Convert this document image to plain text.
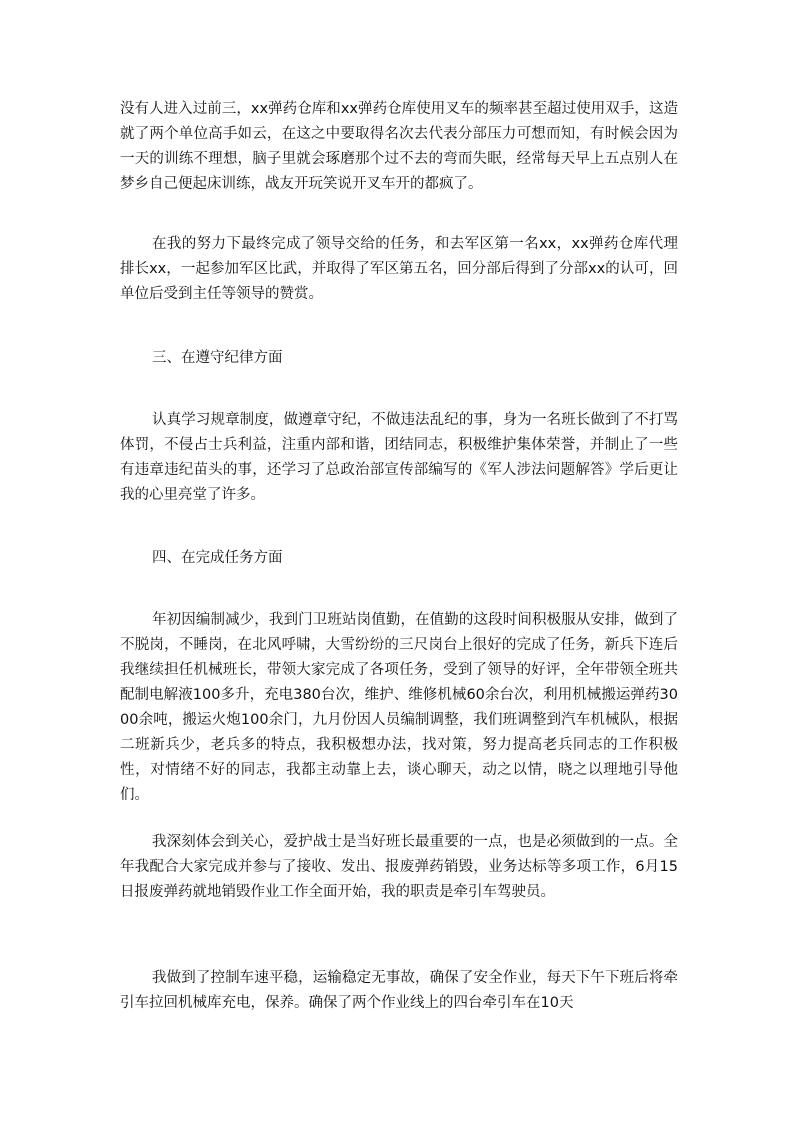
没有人进入过前三，xx弹药仓库和xx弹药仓库使用叉车的频率甚至超过使用双手，这造就了两个单位高手如云，在这之中要取得名次去代表分部压力可想而知，有时候会因为一天的训练不理想，脑子里就会琢磨那个过不去的弯而失眠，经常每天早上五点别人在梦乡自己便起床训练，战友开玩笑说开叉车开的都疯了。

在我的努力下最终完成了领导交给的任务，和去军区第一名xx，xx弹药仓库代理排长xx，一起参加军区比武，并取得了军区第五名，回分部后得到了分部xx的认可，回单位后受到主任等领导的赞赏。

三、在遵守纪律方面

认真学习规章制度，做遵章守纪，不做违法乱纪的事，身为一名班长做到了不打骂体罚，不侵占士兵利益，注重内部和谐，团结同志，积极维护集体荣誉，并制止了一些有违章违纪苗头的事，还学习了总政治部宣传部编写的《军人涉法问题解答》学后更让我的心里亮堂了许多。

四、在完成任务方面

年初因编制减少，我到门卫班站岗值勤，在值勤的这段时间积极服从安排，做到了不脱岗，不睡岗，在北风呼啸，大雪纷纷的三尺岗台上很好的完成了任务，新兵下连后我继续担任机械班长，带领大家完成了各项任务，受到了领导的好评，全年带领全班共配制电解液100多升，充电380台次，维护、维修机械60余台次，利用机械搬运弹药3000余吨，搬运火炮100余门，九月份因人员编制调整，我们班调整到汽车机械队，根据二班新兵少，老兵多的特点，我积极想办法，找对策，努力提高老兵同志的工作积极性，对情绪不好的同志，我都主动靠上去，谈心聊天，动之以情，晓之以理地引导他们。

我深刻体会到关心，爱护战士是当好班长最重要的一点，也是必须做到的一点。全年我配合大家完成并参与了接收、发出、报废弹药销毁，业务达标等多项工作，6月15日报废弹药就地销毁作业工作全面开始，我的职责是牵引车驾驶员。

我做到了控制车速平稳，运输稳定无事故，确保了安全作业，每天下午下班后将牵引车拉回机械库充电，保养。确保了两个作业线上的四台牵引车在10天
